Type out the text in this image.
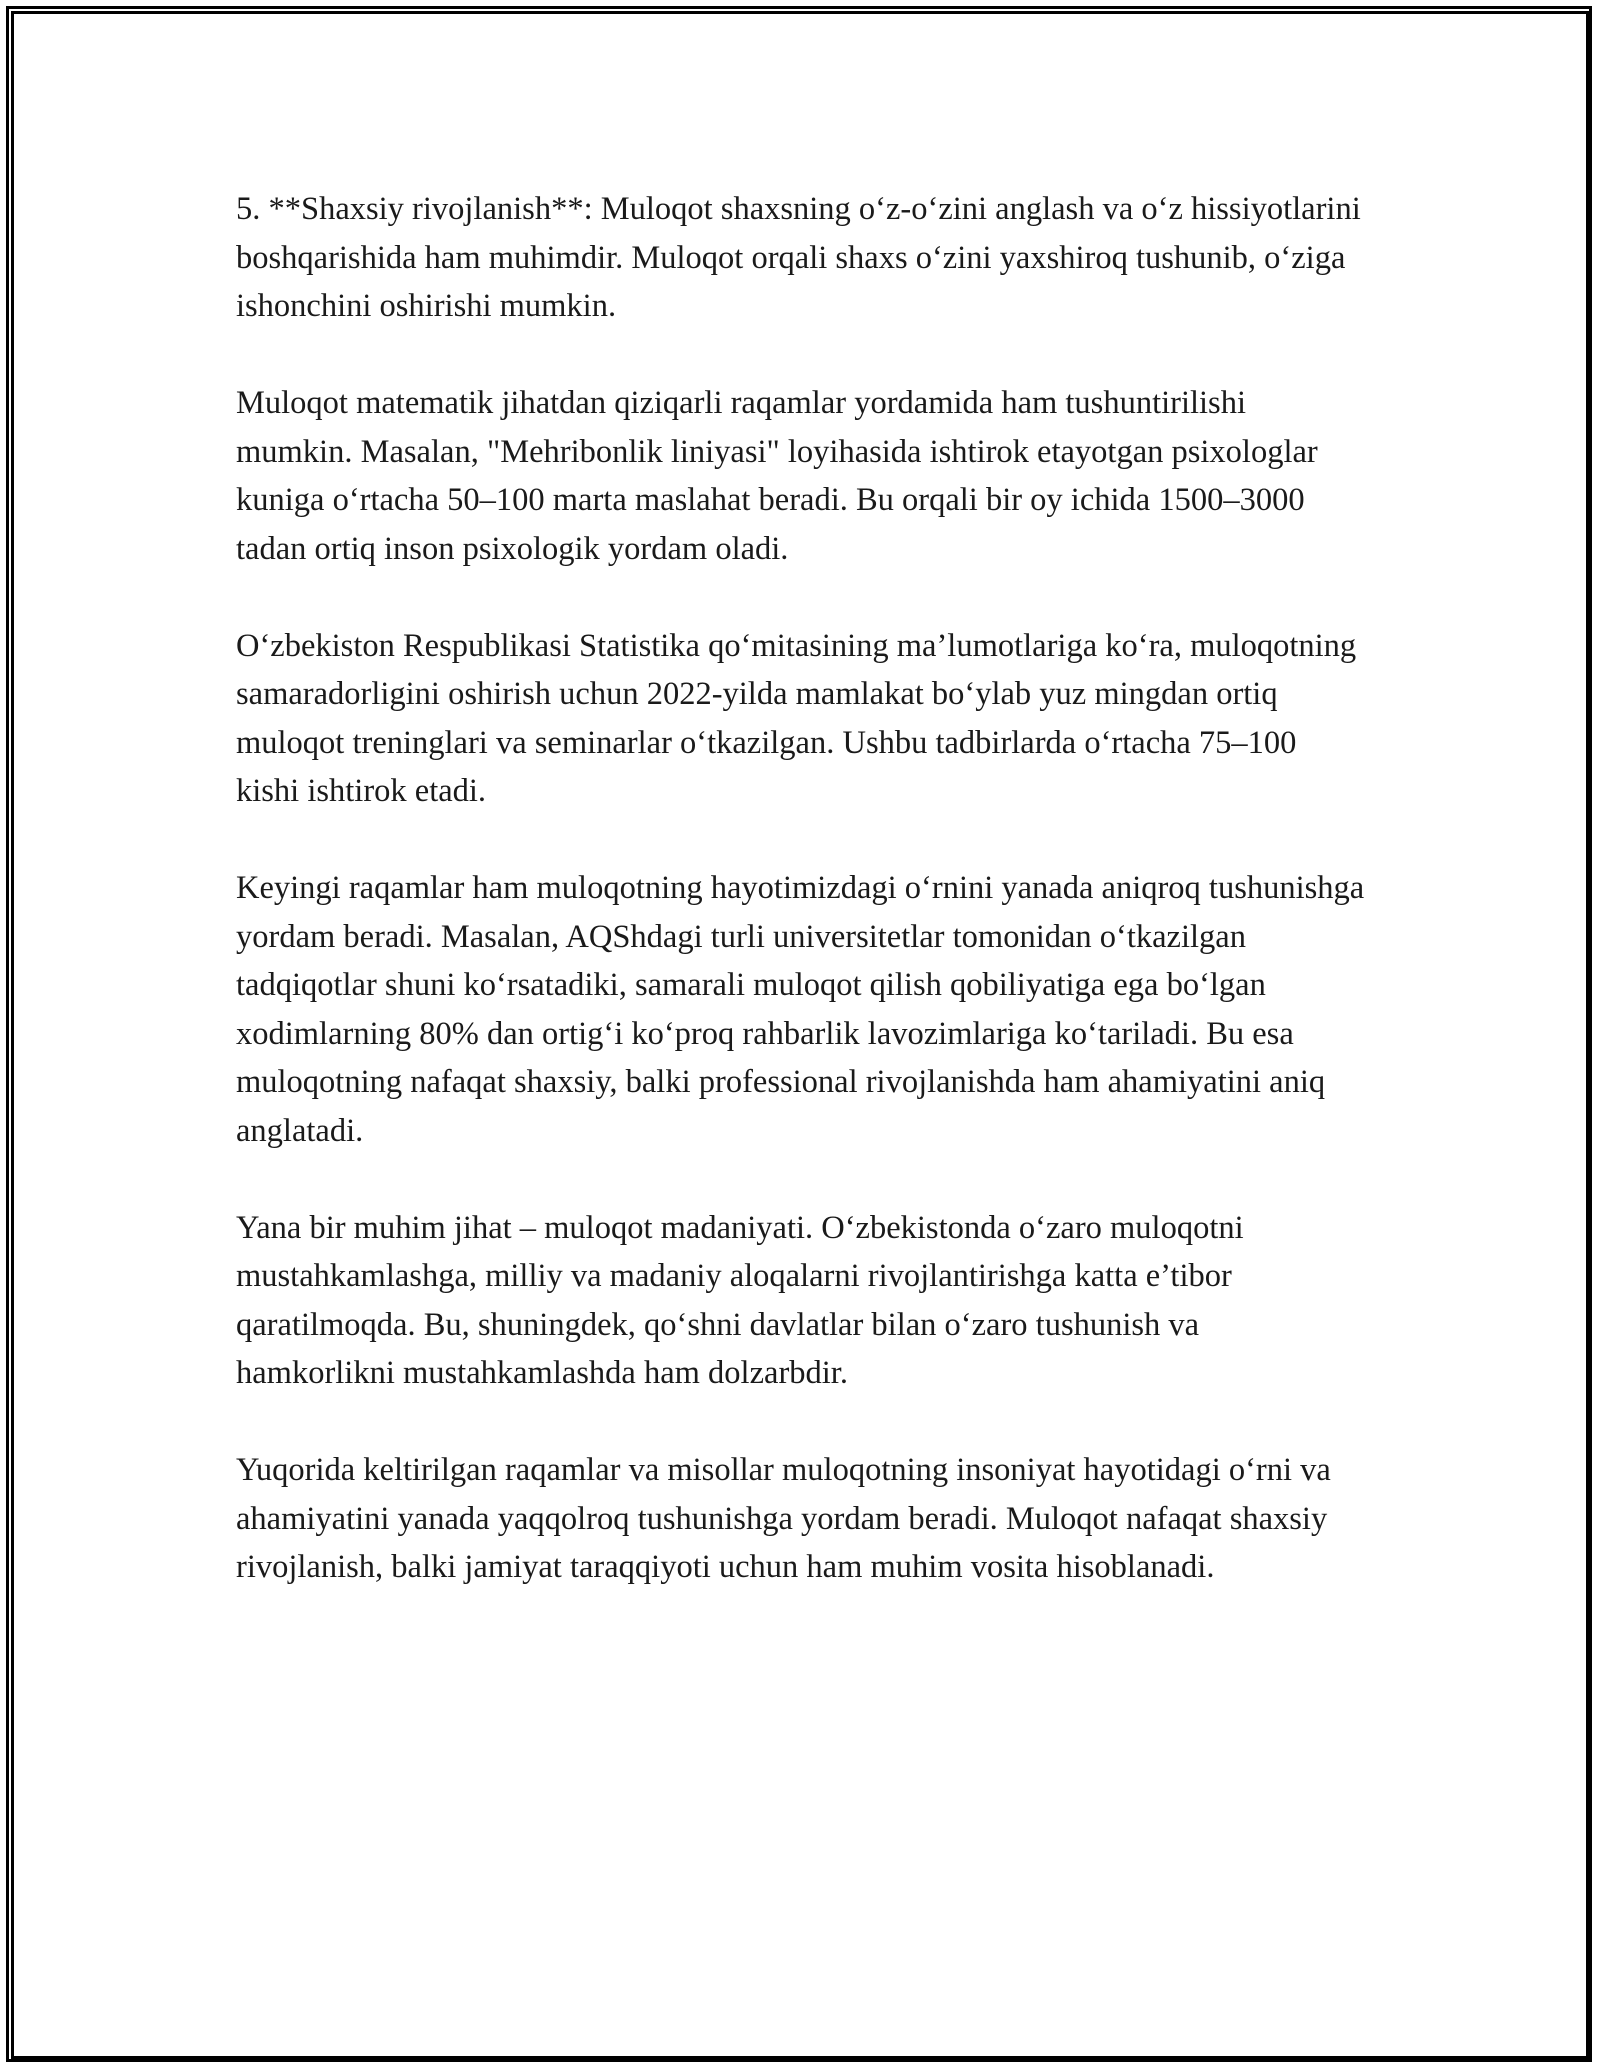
5. **Shaxsiy rivojlanish**: Muloqot shaxsning o‘z-o‘zini anglash va o‘z hissiyotlarini boshqarishida ham muhimdir. Muloqot orqali shaxs o‘zini yaxshiroq tushunib, o‘ziga ishonchini oshirishi mumkin.

Muloqot matematik jihatdan qiziqarli raqamlar yordamida ham tushuntirilishi mumkin. Masalan, "Mehribonlik liniyasi" loyihasida ishtirok etayotgan psixologlar kuniga o‘rtacha 50–100 marta maslahat beradi. Bu orqali bir oy ichida 1500–3000 tadan ortiq inson psixologik yordam oladi.

O‘zbekiston Respublikasi Statistika qo‘mitasining ma’lumotlariga ko‘ra, muloqotning samaradorligini oshirish uchun 2022-yilda mamlakat bo‘ylab yuz mingdan ortiq muloqot treninglari va seminarlar o‘tkazilgan. Ushbu tadbirlarda o‘rtacha 75–100 kishi ishtirok etadi.

Keyingi raqamlar ham muloqotning hayotimizdagi o‘rnini yanada aniqroq tushunishga yordam beradi. Masalan, AQShdagi turli universitetlar tomonidan o‘tkazilgan tadqiqotlar shuni ko‘rsatadiki, samarali muloqot qilish qobiliyatiga ega bo‘lgan xodimlarning 80% dan ortig‘i ko‘proq rahbarlik lavozimlariga ko‘tariladi. Bu esa muloqotning nafaqat shaxsiy, balki professional rivojlanishda ham ahamiyatini aniq anglatadi.

Yana bir muhim jihat – muloqot madaniyati. O‘zbekistonda o‘zaro muloqotni mustahkamlashga, milliy va madaniy aloqalarni rivojlantirishga katta e’tibor qaratilmoqda. Bu, shuningdek, qo‘shni davlatlar bilan o‘zaro tushunish va hamkorlikni mustahkamlashda ham dolzarbdir.

Yuqorida keltirilgan raqamlar va misollar muloqotning insoniyat hayotidagi o‘rni va ahamiyatini yanada yaqqolroq tushunishga yordam beradi. Muloqot nafaqat shaxsiy rivojlanish, balki jamiyat taraqqiyoti uchun ham muhim vosita hisoblanadi.
